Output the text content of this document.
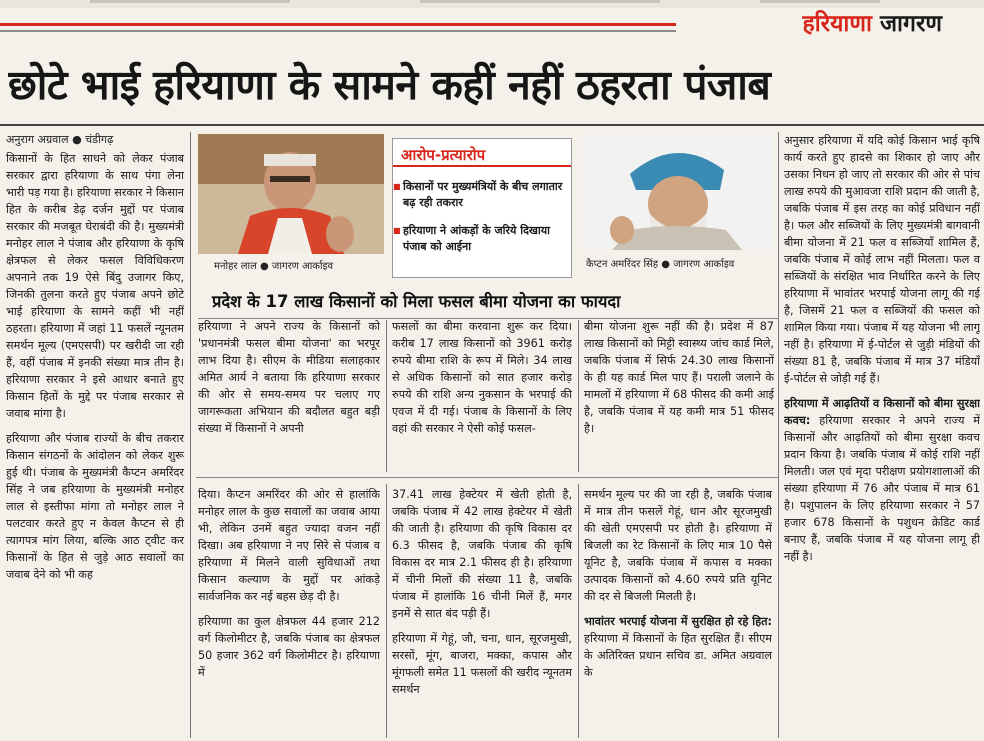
हरियाणा जागरण
छोटे भाई हरियाणा के सामने कहीं नहीं ठहरता पंजाब
अनुराग अग्रवाल ● चंडीगढ़

किसानों के हित साधने को लेकर पंजाब सरकार द्वारा हरियाणा के साथ पंगा लेना भारी पड़ गया है। हरियाणा सरकार ने किसान हित के करीब डेढ़ दर्जन मुद्दों पर पंजाब सरकार की मजबूत घेराबंदी की है। मुख्यमंत्री मनोहर लाल ने पंजाब और हरियाणा के कृषि क्षेत्रफल से लेकर फसल विविधिकरण अपनाने तक 19 ऐसे बिंदु उजागर किए, जिनकी तुलना करते हुए पंजाब अपने छोटे भाई हरियाणा के सामने कहीं भी नहीं ठहरता। हरियाणा में जहां 11 फसलें न्यूनतम समर्थन मूल्य (एमएसपी) पर खरीदी जा रही हैं, वहीं पंजाब में इनकी संख्या मात्र तीन है। हरियाणा सरकार ने इसे आधार बनाते हुए किसान हितों के मुद्दे पर पंजाब सरकार से जवाब मांगा है।

हरियाणा और पंजाब राज्यों के बीच तकरार किसान संगठनों के आंदोलन को लेकर शुरू हुई थी। पंजाब के मुख्यमंत्री कैप्टन अमरिंदर सिंह ने जब हरियाणा के मुख्यमंत्री मनोहर लाल से इस्तीफा मांगा तो मनोहर लाल ने पलटवार करते हुए न केवल कैप्टन से ही त्यागपत्र मांग लिया, बल्कि आठ ट्वीट कर किसानों के हित से जुड़े आठ सवालों का जवाब देने को भी कह

मनोहर लाल ● जागरण आर्काइव
आरोप-प्रत्यारोप
■ किसानों पर मुख्यमंत्रियों के बीच लगातार बढ़ रही तकरार
■ हरियाणा ने आंकड़ों के जरिये दिखाया पंजाब को आईना
कैप्टन अमरिंदर सिंह ● जागरण आर्काइव
प्रदेश के 17 लाख किसानों को मिला फसल बीमा योजना का फायदा

हरियाणा ने अपने राज्य के किसानों को 'प्रधानमंत्री फसल बीमा योजना' का भरपूर लाभ दिया है। सीएम के मीडिया सलाहकार अमित आर्य ने बताया कि हरियाणा सरकार की ओर से समय-समय पर चलाए गए जागरूकता अभियान की बदौलत बहुत बड़ी संख्या में किसानों ने अपनी

फसलों का बीमा करवाना शुरू कर दिया। करीब 17 लाख किसानों को 3961 करोड़ रुपये बीमा राशि के रूप में मिले। 34 लाख से अधिक किसानों को सात हजार करोड़ रुपये की राशि अन्य नुकसान के भरपाई की एवज में दी गई। पंजाब के किसानों के लिए वहां की सरकार ने ऐसी कोई फसल-

बीमा योजना शुरू नहीं की है। प्रदेश में 87 लाख किसानों को मिट्टी स्वास्थ्य जांच कार्ड मिले, जबकि पंजाब में सिर्फ 24.30 लाख किसानों के ही यह कार्ड मिल पाए हैं। पराली जलाने के मामलों में हरियाणा में 68 फीसद की कमी आई है, जबकि पंजाब में यह कमी मात्र 51 फीसद है।

दिया। कैप्टन अमरिंदर की ओर से हालांकि मनोहर लाल के कुछ सवालों का जवाब आया भी, लेकिन उनमें बहुत ज्यादा वजन नहीं दिखा। अब हरियाणा ने नए सिरे से पंजाब व हरियाणा में मिलने वाली सुविधाओं तथा किसान कल्याण के मुद्दों पर आंकड़े सार्वजनिक कर नई बहस छेड़ दी है।

हरियाणा का कुल क्षेत्रफल 44 हजार 212 वर्ग किलोमीटर है, जबकि पंजाब का क्षेत्रफल 50 हजार 362 वर्ग किलोमीटर है। हरियाणा में

37.41 लाख हेक्टेयर में खेती होती है, जबकि पंजाब में 42 लाख हेक्टेयर में खेती की जाती है। हरियाणा की कृषि विकास दर 6.3 फीसद है, जबकि पंजाब की कृषि विकास दर मात्र 2.1 फीसद ही है। हरियाणा में चीनी मिलों की संख्या 11 है, जबकि पंजाब में हालांकि 16 चीनी मिलें हैं, मगर इनमें से सात बंद पड़ी हैं।

हरियाणा में गेहूं, जौ, चना, धान, सूरजमुखी, सरसों, मूंग, बाजरा, मक्का, कपास और मूंगफली समेत 11 फसलों की खरीद न्यूनतम समर्थन

समर्थन मूल्य पर की जा रही है, जबकि पंजाब में मात्र तीन फसलें गेहूं, धान और सूरजमुखी की खेती एमएसपी पर होती है। हरियाणा में बिजली का रेट किसानों के लिए मात्र 10 पैसे यूनिट है, जबकि पंजाब में कपास व मक्का उत्पादक किसानों को 4.60 रुपये प्रति यूनिट की दर से बिजली मिलती है।

भावांतर भरपाई योजना में सुरक्षित हो रहे हित: हरियाणा में किसानों के हित सुरक्षित हैं। सीएम के अतिरिक्त प्रधान सचिव डा. अमित अग्रवाल के

अनुसार हरियाणा में यदि कोई किसान भाई कृषि कार्य करते हुए हादसे का शिकार हो जाए और उसका निधन हो जाए तो सरकार की ओर से पांच लाख रुपये की मुआवजा राशि प्रदान की जाती है, जबकि पंजाब में इस तरह का कोई प्रविधान नहीं है। फल और सब्जियों के लिए मुख्यमंत्री बागवानी बीमा योजना में 21 फल व सब्जियाँ शामिल हैं, जबकि पंजाब में कोई लाभ नहीं मिलता। फल व सब्जियों के संरक्षित भाव निर्धारित करने के लिए हरियाणा में भावांतर भरपाई योजना लागू की गई है, जिसमें 21 फल व सब्जियों की फसल को शामिल किया गया। पंजाब में यह योजना भी लागू नहीं है। हरियाणा में ई-पोर्टल से जुड़ी मंडियों की संख्या 81 है, जबकि पंजाब में मात्र 37 मंडियाँ ई-पोर्टल से जोड़ी गई हैं।

हरियाणा में आढ़तियों व किसानों को बीमा सुरक्षा कवच: हरियाणा सरकार ने अपने राज्य में किसानों और आढ़तियों को बीमा सुरक्षा कवच प्रदान किया है। जबकि पंजाब में कोई राशि नहीं मिलती। जल एवं मृदा परीक्षण प्रयोगशालाओं की संख्या हरियाणा में 76 और पंजाब में मात्र 61 है। पशुपालन के लिए हरियाणा सरकार ने 57 हजार 678 किसानों के पशुधन क्रेडिट कार्ड बनाए हैं, जबकि पंजाब में यह योजना लागू ही नहीं है।
